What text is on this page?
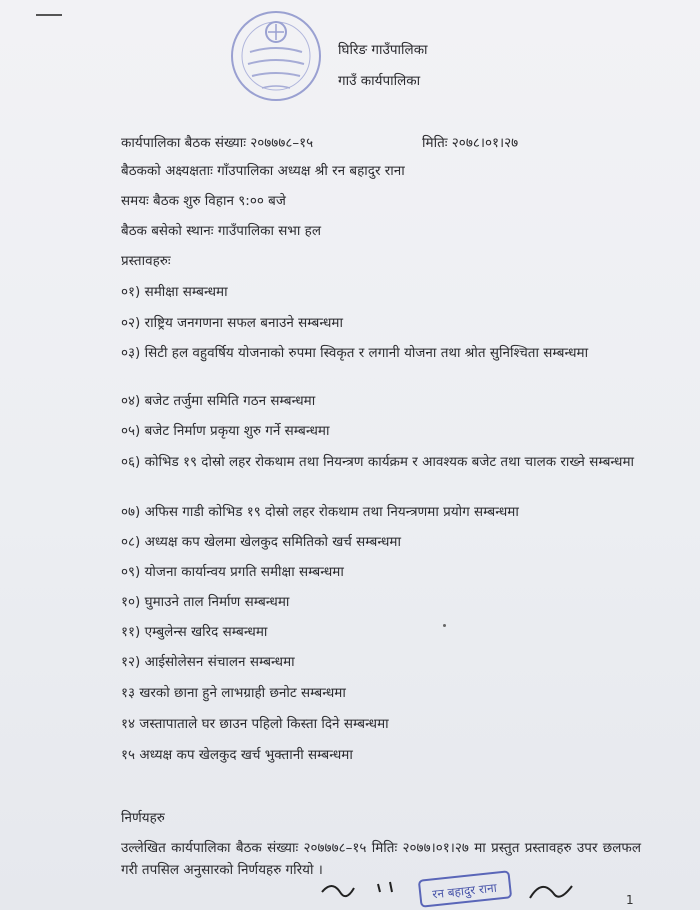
घिरिङ गाउँपालिका
गाउँ कार्यपालिका
कार्यपालिका बैठक संख्याः २०७७७८–१५	मितिः २०७८।०१।२७
बैठकको अक्ष्यक्षताः गाँउपालिका अध्यक्ष श्री रन बहादुर राना
समयः बैठक शुरु विहान ९:०० बजे
बैठक बसेको स्थानः गाउँपालिका सभा हल
प्रस्तावहरुः
०१) समीक्षा सम्बन्धमा
०२) राष्ट्रिय जनगणना सफल बनाउने सम्बन्धमा
०३) सिटी हल वहुवर्षिय योजनाको रुपमा स्विकृत र लगानी योजना तथा श्रोत सुनिश्चिता सम्बन्धमा
०४) बजेट तर्जुमा समिति गठन सम्बन्धमा
०५) बजेट निर्माण प्रकृया शुरु गर्ने सम्बन्धमा
०६) कोभिड १९ दोस्रो लहर रोकथाम तथा नियन्त्रण कार्यक्रम र आवश्यक बजेट तथा चालक राख्ने सम्बन्धमा
०७) अफिस गाडी कोभिड १९ दोस्रो लहर रोकथाम तथा नियन्त्रणमा प्रयोग सम्बन्धमा
०८) अध्यक्ष कप खेलमा खेलकुद समितिको खर्च सम्बन्धमा
०९) योजना कार्यान्वय प्रगति समीक्षा सम्बन्धमा
१०) घुमाउने ताल निर्माण सम्बन्धमा
११) एम्बुलेन्स खरिद सम्बन्धमा
१२) आईसोलेसन संचालन सम्बन्धमा
१३ खरको छाना हुने लाभग्राही छनोट सम्बन्धमा
१४ जस्तापाताले घर छाउन पहिलो किस्ता दिने सम्बन्धमा
१५ अध्यक्ष कप खेलकुद खर्च भुक्तानी सम्बन्धमा
निर्णयहरु
उल्लेखित कार्यपालिका बैठक संख्याः २०७७७८–१५ मितिः २०७७।०१।२७ मा प्रस्तुत प्रस्तावहरु उपर छलफल गरी तपसिल अनुसारको निर्णयहरु गरियो ।

रन बहादुर राना	1
